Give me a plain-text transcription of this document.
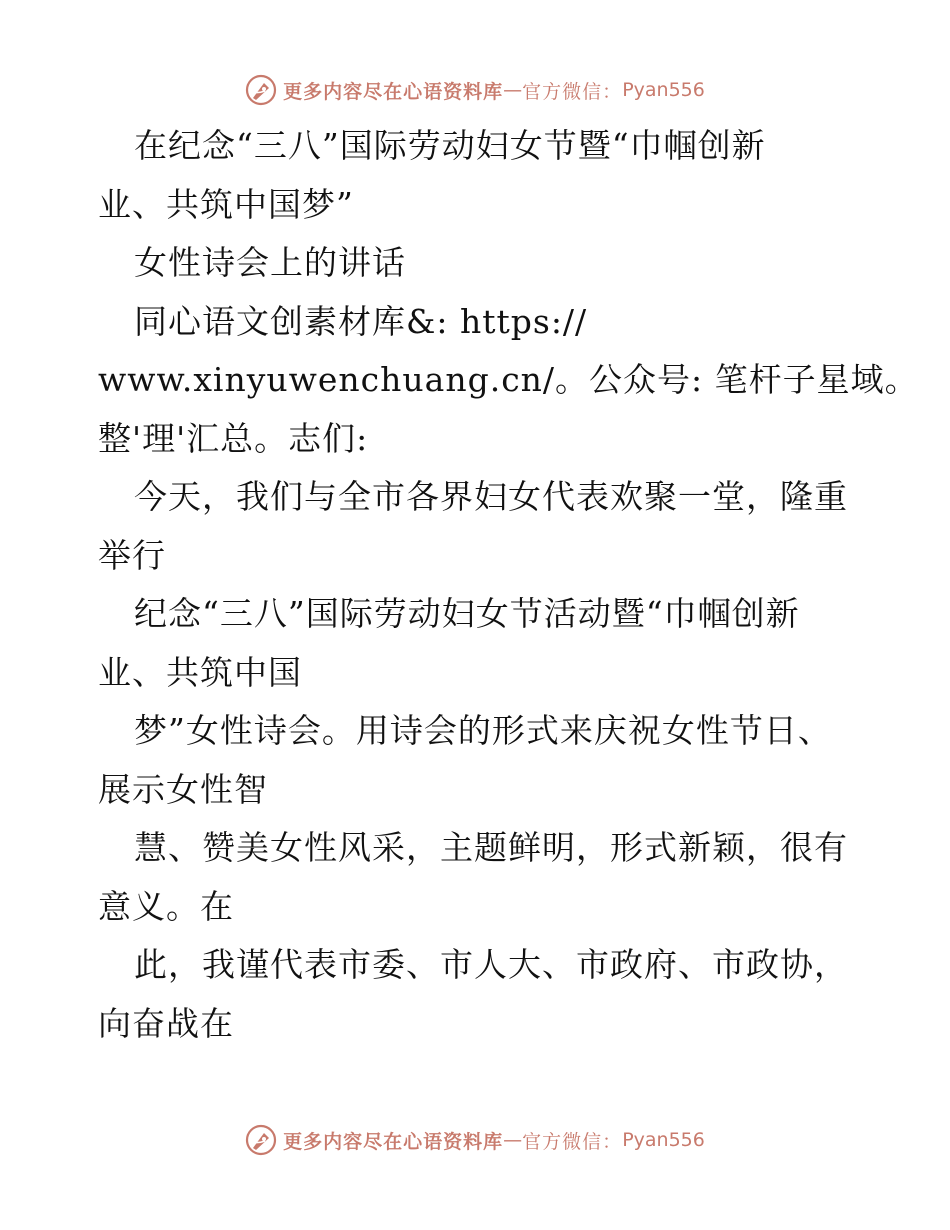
更多内容尽在心语资料库 — 官方微信： Pyan556
在纪念“三八”国际劳动妇女节暨“巾帼创新
业、共筑中国梦”
女性诗会上的讲话
同心语文创素材库&: https://
www.xinyuwenchuang.cn/。公众号: 笔杆子星域。
整'理'汇总。志们:
今天，我们与全市各界妇女代表欢聚一堂，隆重
举行
纪念“三八”国际劳动妇女节活动暨“巾帼创新
业、共筑中国
梦”女性诗会。用诗会的形式来庆祝女性节日、
展示女性智
慧、赞美女性风采，主题鲜明，形式新颖，很有
意义。在
此，我谨代表市委、市人大、市政府、市政协，
向奋战在
更多内容尽在心语资料库 — 官方微信： Pyan556
